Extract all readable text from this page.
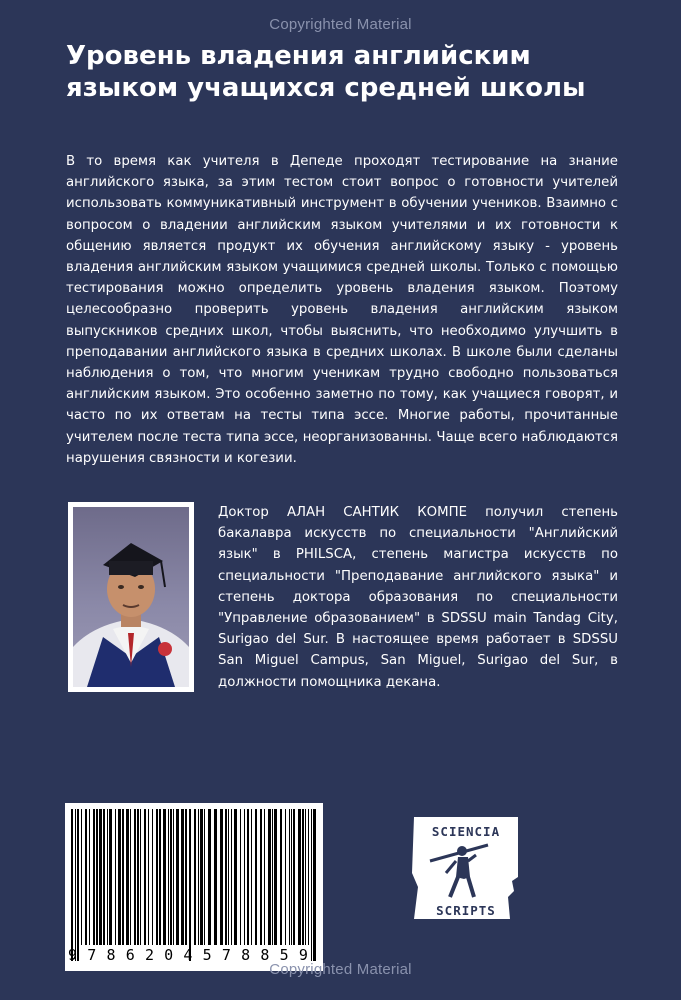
Copyrighted Material
Уровень владения английским языком учащихся средней школы

В то время как учителя в Депеде проходят тестирование на знание английского языка, за этим тестом стоит вопрос о готовности учителей использовать коммуникативный инструмент в обучении учеников. Взаимно с вопросом о владении английским языком учителями и их готовности к общению является продукт их обучения английскому языку - уровень владения английским языком учащимися средней школы. Только с помощью тестирования можно определить уровень владения языком. Поэтому целесообразно проверить уровень владения английским языком выпускников средних школ, чтобы выяснить, что необходимо улучшить в преподавании английского языка в средних школах. В школе были сделаны наблюдения о том, что многим ученикам трудно свободно пользоваться английским языком. Это особенно заметно по тому, как учащиеся говорят, и часто по их ответам на тесты типа эссе. Многие работы, прочитанные учителем после теста типа эссе, неорганизованны. Чаще всего наблюдаются нарушения связности и когезии.

Доктор АЛАН САНТИК КОМПЕ получил степень бакалавра искусств по специальности "Английский язык" в PHILSCA, степень магистра искусств по специальности "Преподавание английского языка" и степень доктора образования по специальности "Управление образованием" в SDSSU main Tandag City, Surigao del Sur. В настоящее время работает в SDSSU San Miguel Campus, San Miguel, Surigao del Sur, в должности помощника декана.

9 7 8 6 2 0 4 5 7 8 8 5 9
SCIENCIA
SCRIPTS
Copyrighted Material
